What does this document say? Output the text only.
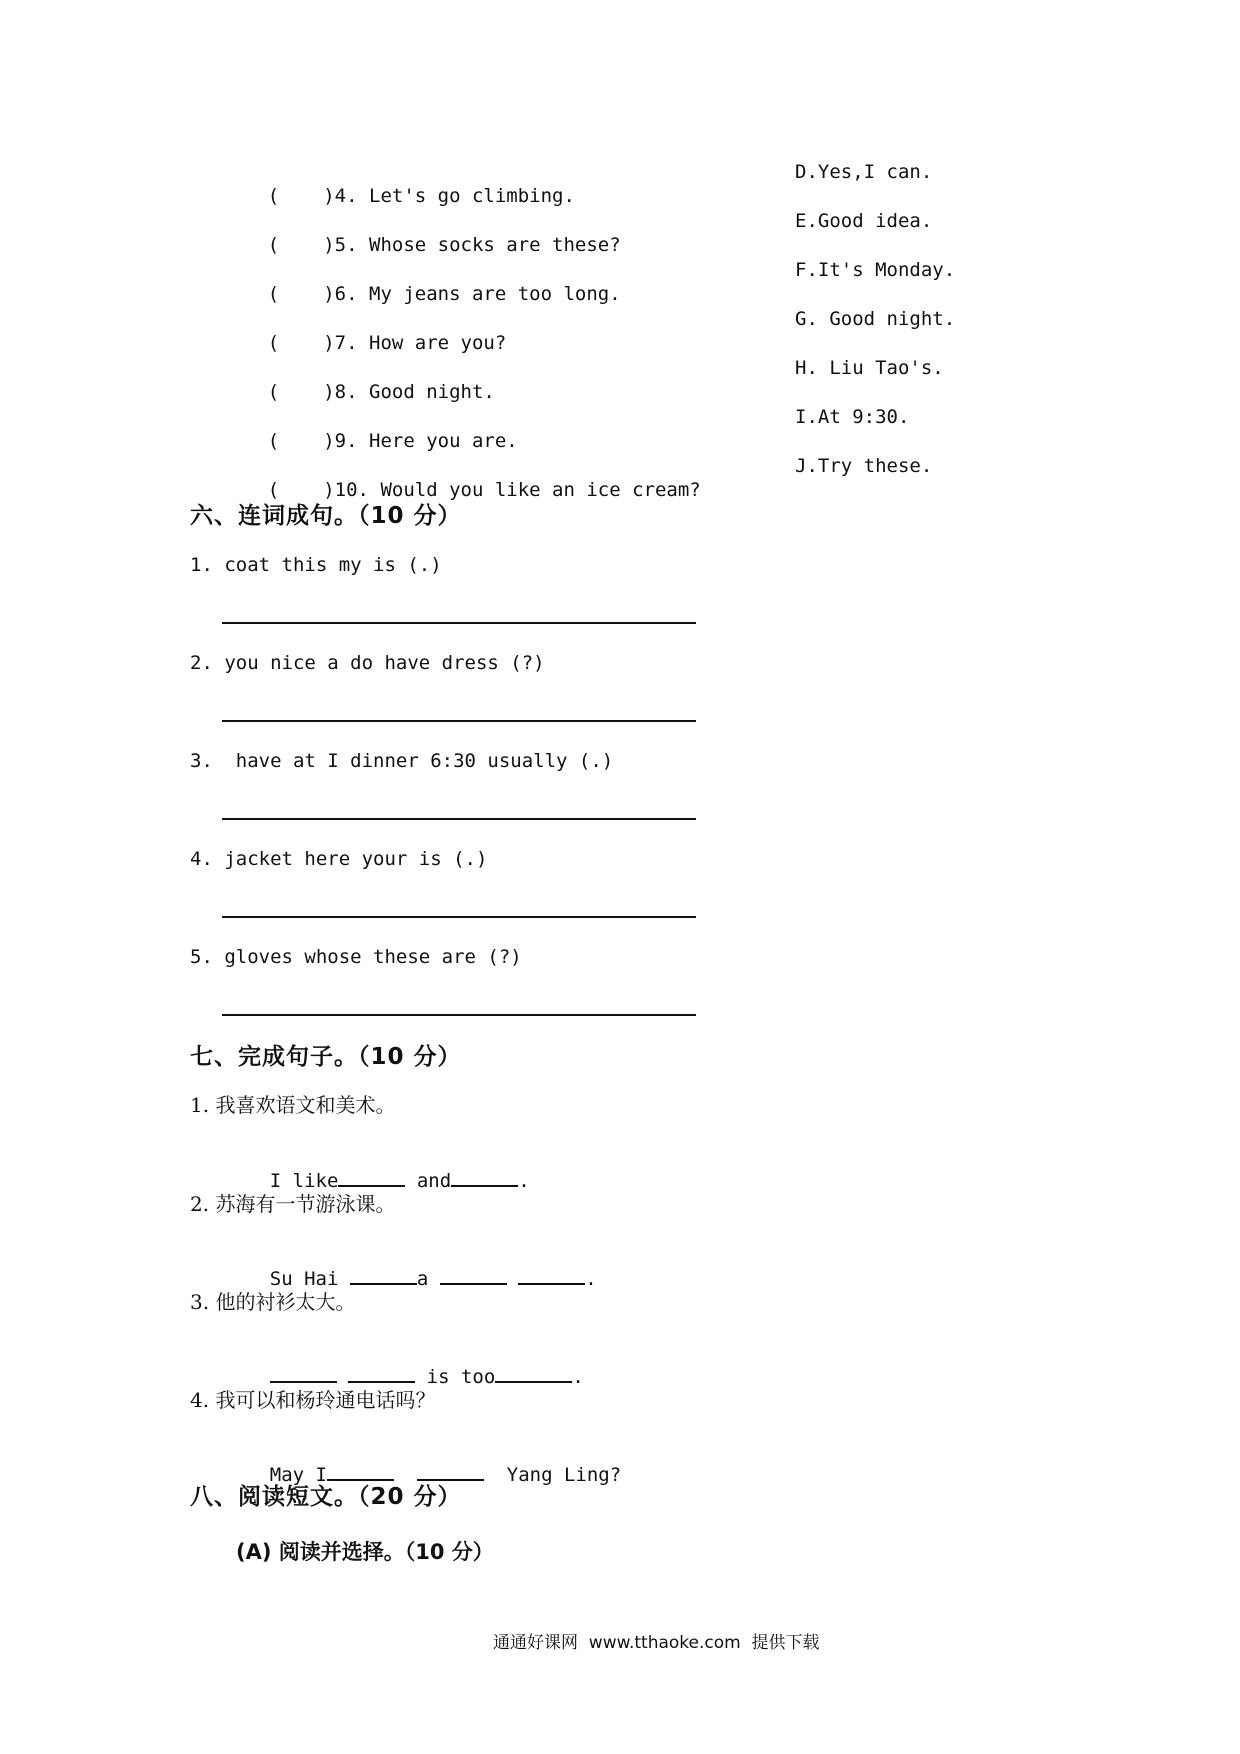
( )4. Let's go climbing.

( )5. Whose socks are these?

( )6. My jeans are too long.

( )7. How are you?

( )8. Good night.

( )9. Here you are.

( )10. Would you like an ice cream?

D.Yes,I can.
E.Good idea.
F.It's Monday.
G. Good night.
H. Liu Tao's.
I.At 9:30.
J.Try these.
六、连词成句。（10 分）
1. coat this my is (.)
2. you nice a do have dress (?)
3.  have at I dinner 6:30 usually (.)
4. jacket here your is (.)
5. gloves whose these are (?)
七、完成句子。（10 分）
1. 我喜欢语文和美术。

I like	and	.

2. 苏海有一节游泳课。

Su Hai	a	.

3. 他的衬衫太大。

is too	.

4. 我可以和杨玲通电话吗？

May I	Yang Ling?

八、阅读短文。（20 分）
(A) 阅读并选择。（10 分）
通通好课网  www.tthaoke.com  提供下载
